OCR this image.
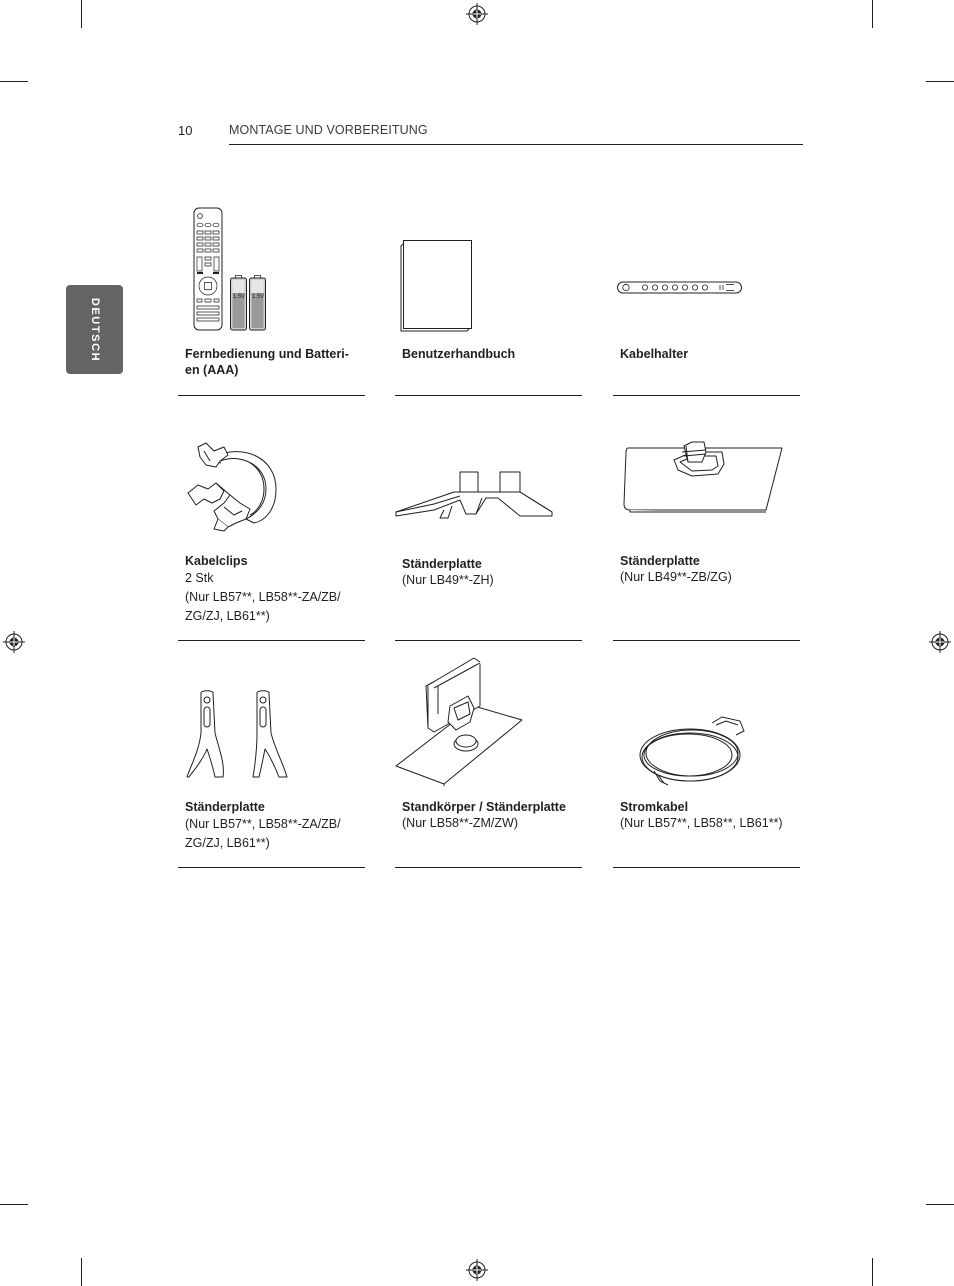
10	MONTAGE UND VORBEREITUNG
DEUTSCH
1.5V	1.5V
Fernbedienung und Batteri-en (AAA)
Benutzerhandbuch	Kabelhalter
Kabelclips
2 Stk
(Nur LB57**, LB58**-ZA/ZB/
ZG/ZJ, LB61**)
Ständerplatte
(Nur LB49**-ZH)
Ständerplatte
(Nur LB49**-ZB/ZG)
Ständerplatte
(Nur LB57**, LB58**-ZA/ZB/
ZG/ZJ, LB61**)
Standkörper / Ständerplatte
(Nur LB58**-ZM/ZW)
Stromkabel
(Nur LB57**, LB58**, LB61**)
